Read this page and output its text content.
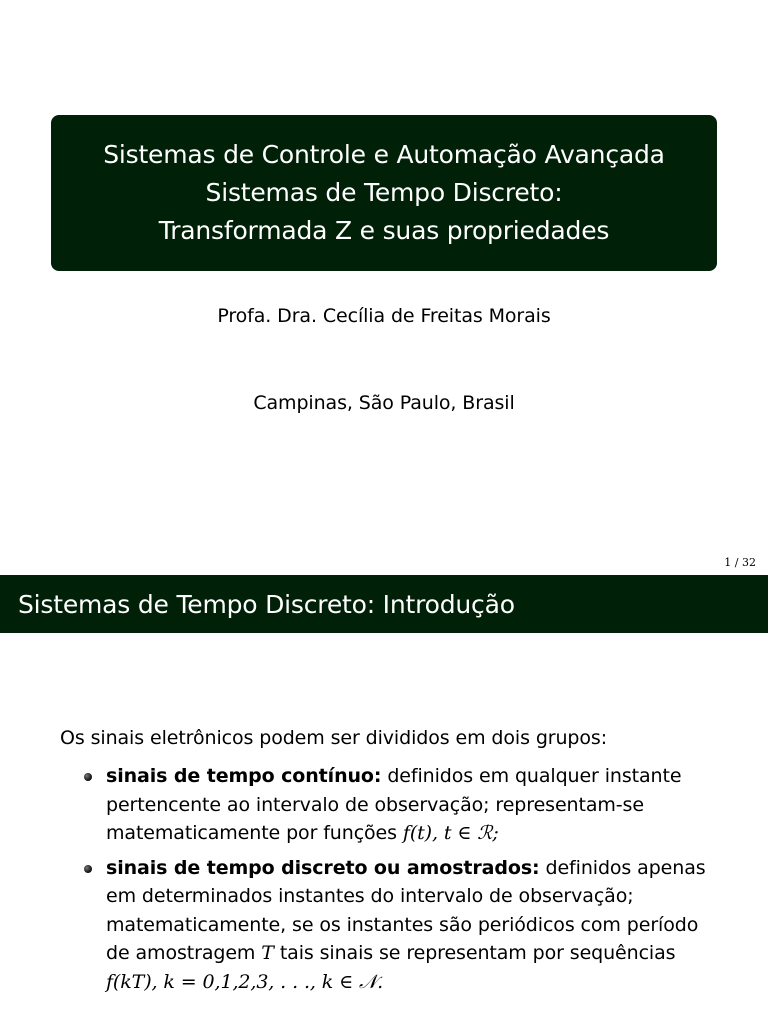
Sistemas de Controle e Automação Avançada
Sistemas de Tempo Discreto:
Transformada Z e suas propriedades
Profa. Dra. Cecília de Freitas Morais
Campinas, São Paulo, Brasil
1 / 32
Sistemas de Tempo Discreto: Introdução
Os sinais eletrônicos podem ser divididos em dois grupos:
sinais de tempo contínuo: definidos em qualquer instante pertencente ao intervalo de observação; representam-se matematicamente por funções f(t), t ∈ ℛ;
sinais de tempo discreto ou amostrados: definidos apenas em determinados instantes do intervalo de observação; matematicamente, se os instantes são periódicos com período de amostragem T tais sinais se representam por sequências f(kT), k = 0,1,2,3, . . ., k ∈ 𝒩.
